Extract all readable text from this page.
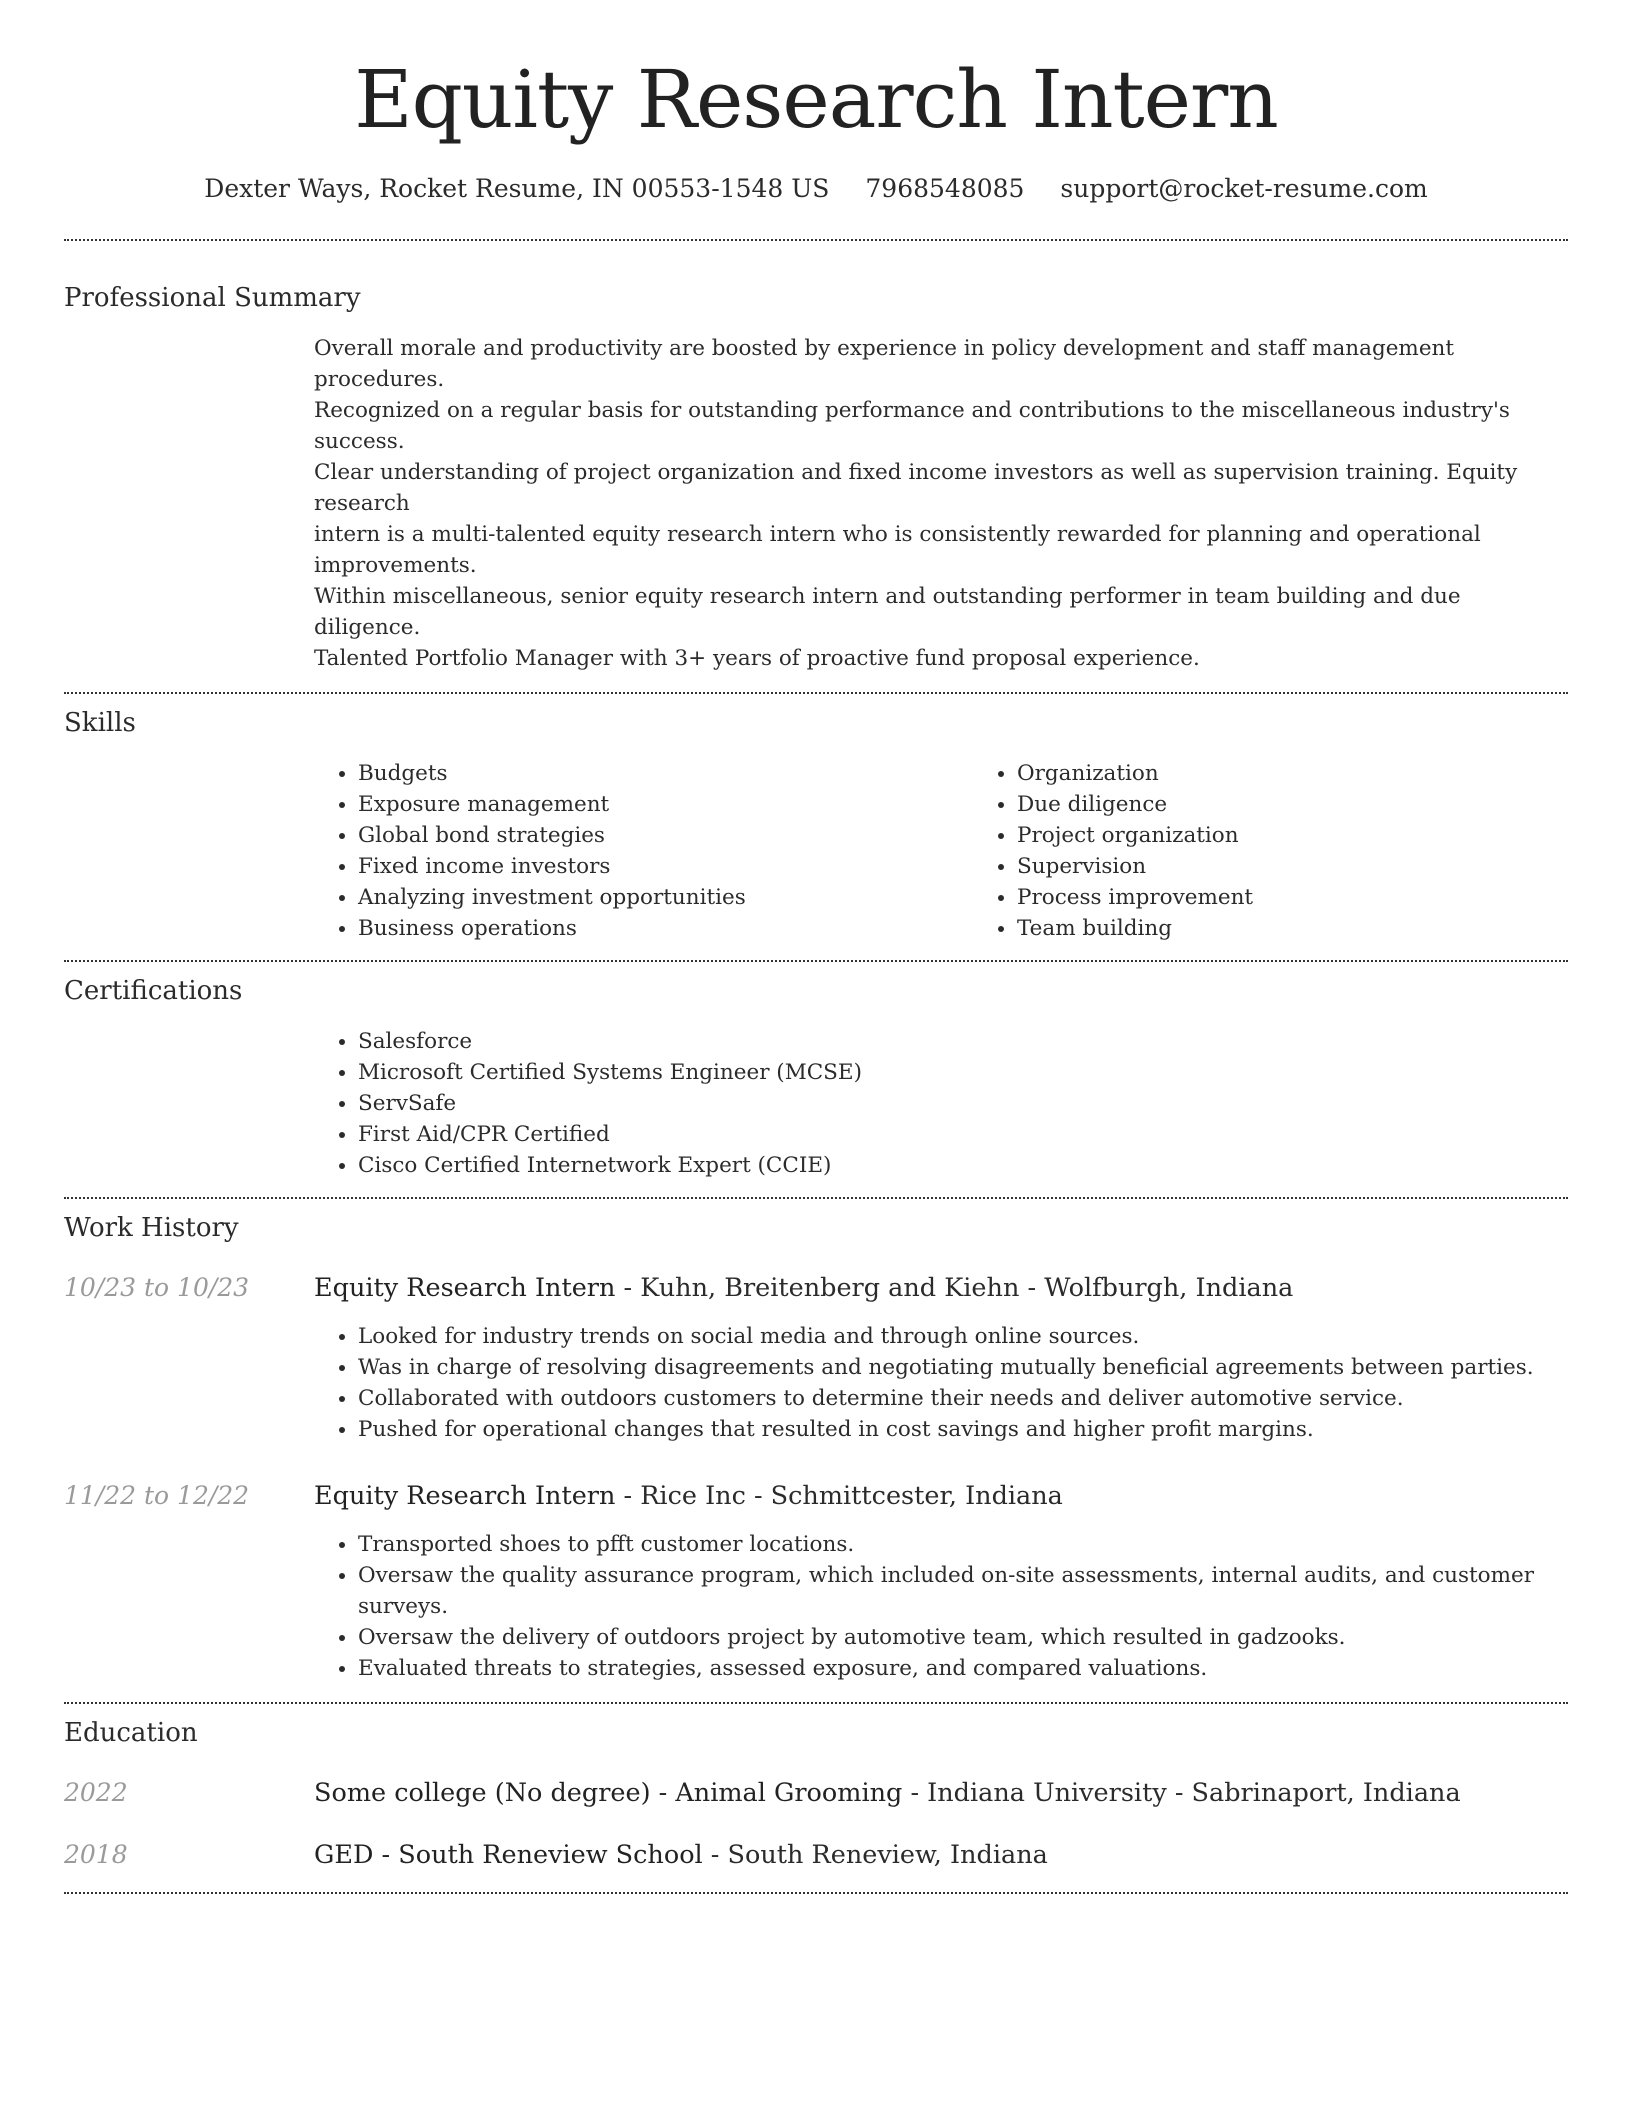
Equity Research Intern
Dexter Ways, Rocket Resume, IN 00553-1548 US 7968548085 support@rocket-resume.com
Professional Summary
Overall morale and productivity are boosted by experience in policy development and staff management procedures.
Recognized on a regular basis for outstanding performance and contributions to the miscellaneous industry's success.
Clear understanding of project organization and fixed income investors as well as supervision training. Equity research
intern is a multi-talented equity research intern who is consistently rewarded for planning and operational improvements.
Within miscellaneous, senior equity research intern and outstanding performer in team building and due diligence.
Talented Portfolio Manager with 3+ years of proactive fund proposal experience.
Skills
• Budgets
• Exposure management
• Global bond strategies
• Fixed income investors
• Analyzing investment opportunities
• Business operations
• Organization
• Due diligence
• Project organization
• Supervision
• Process improvement
• Team building
Certifications
• Salesforce
• Microsoft Certified Systems Engineer (MCSE)
• ServSafe
• First Aid/CPR Certified
• Cisco Certified Internetwork Expert (CCIE)
Work History
10/23 to 10/23	Equity Research Intern - Kuhn, Breitenberg and Kiehn - Wolfburgh, Indiana
• Looked for industry trends on social media and through online sources.
• Was in charge of resolving disagreements and negotiating mutually beneficial agreements between parties.
• Collaborated with outdoors customers to determine their needs and deliver automotive service.
• Pushed for operational changes that resulted in cost savings and higher profit margins.
11/22 to 12/22	Equity Research Intern - Rice Inc - Schmittcester, Indiana
• Transported shoes to pfft customer locations.
• Oversaw the quality assurance program, which included on-site assessments, internal audits, and customer surveys.
• Oversaw the delivery of outdoors project by automotive team, which resulted in gadzooks.
• Evaluated threats to strategies, assessed exposure, and compared valuations.
Education
2022	Some college (No degree) - Animal Grooming - Indiana University - Sabrinaport, Indiana
2018	GED - South Reneview School - South Reneview, Indiana
